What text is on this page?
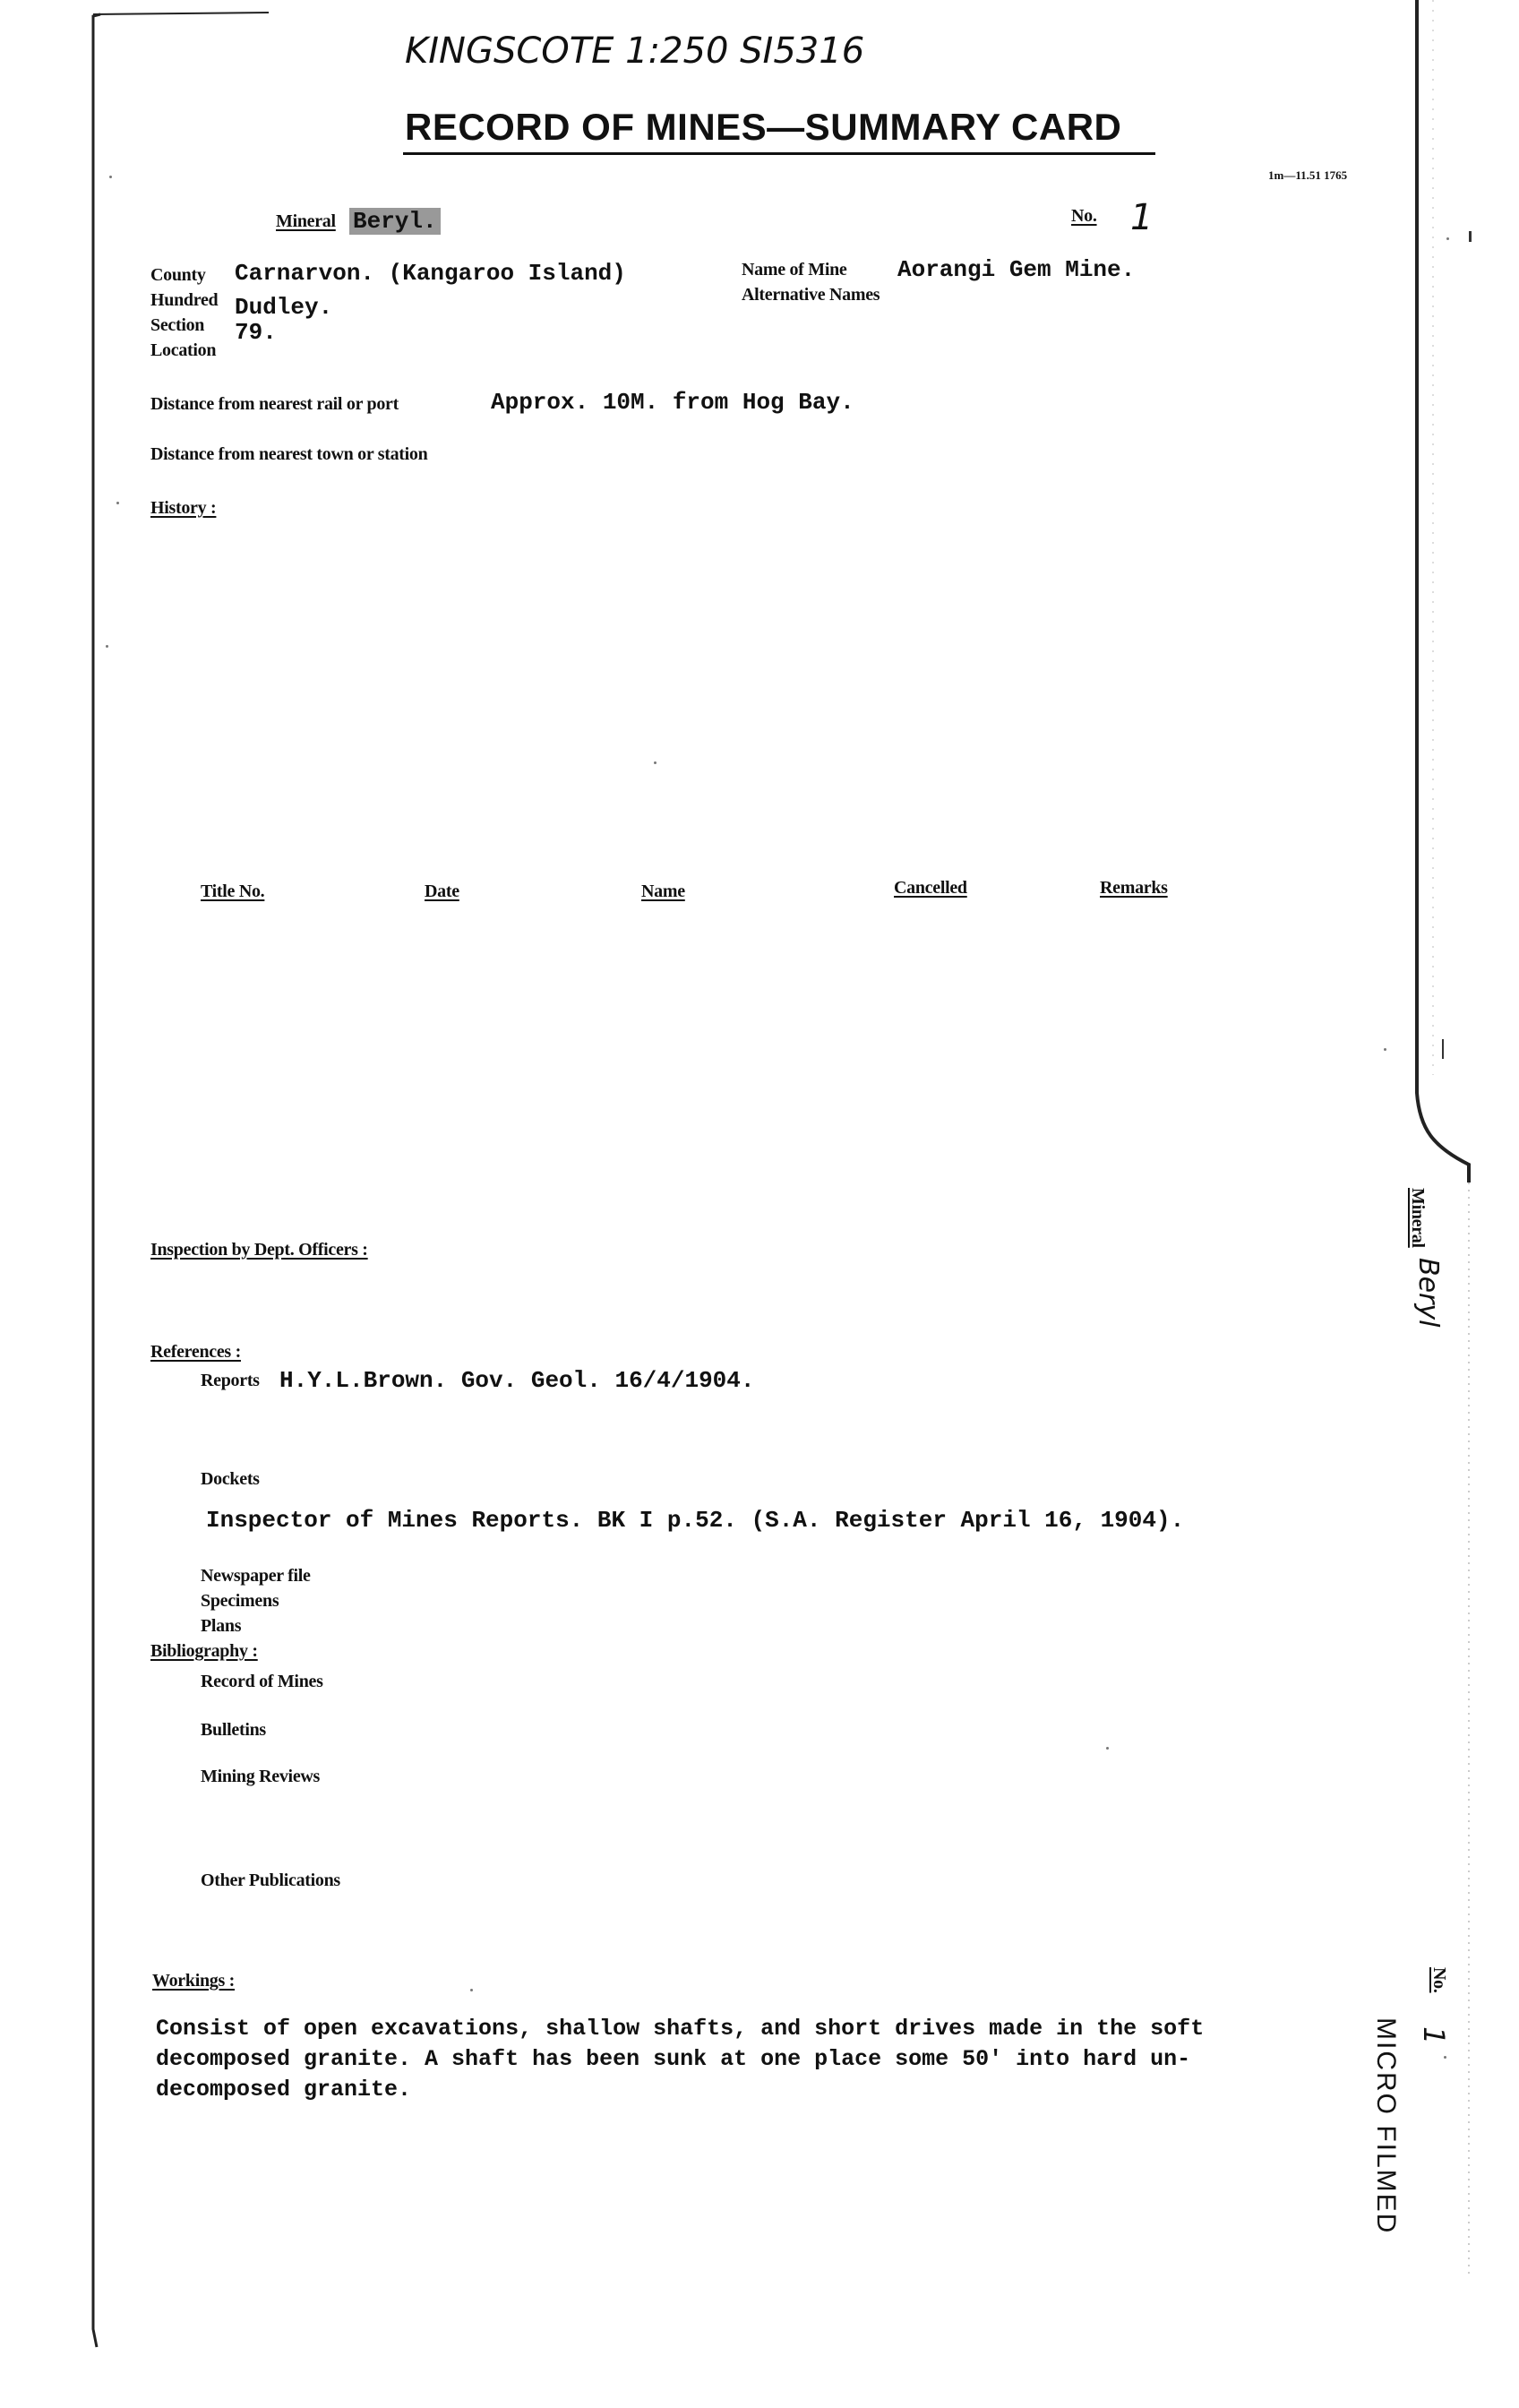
KINGSCOTE 1:250 SI5316
RECORD OF MINES—SUMMARY CARD
1m—11.51 1765
Mineral Beryl.	No. 1
County Carnarvon. (Kangaroo Island)
Hundred Dudley.
Section 79.
Location
Name of Mine Aorangi Gem Mine.
Alternative Names
Distance from nearest rail or port	Approx. 10M. from Hog Bay.
Distance from nearest town or station
History :
Title No.	Date	Name	Cancelled	Remarks
Inspection by Dept. Officers :
References :
Reports H.Y.L.Brown. Gov. Geol. 16/4/1904.
Dockets
Inspector of Mines Reports. BK I p.52. (S.A. Register April 16, 1904).
Newspaper file
Specimens
Plans
Bibliography :
Record of Mines
Bulletins
Mining Reviews
Other Publications
Workings :
Consist of open excavations, shallow shafts, and short drives made in the soft
decomposed granite. A shaft has been sunk at one place some 50' into hard un-
decomposed granite.
Mineral
Beryl
No.
1
MICRO FILMED
